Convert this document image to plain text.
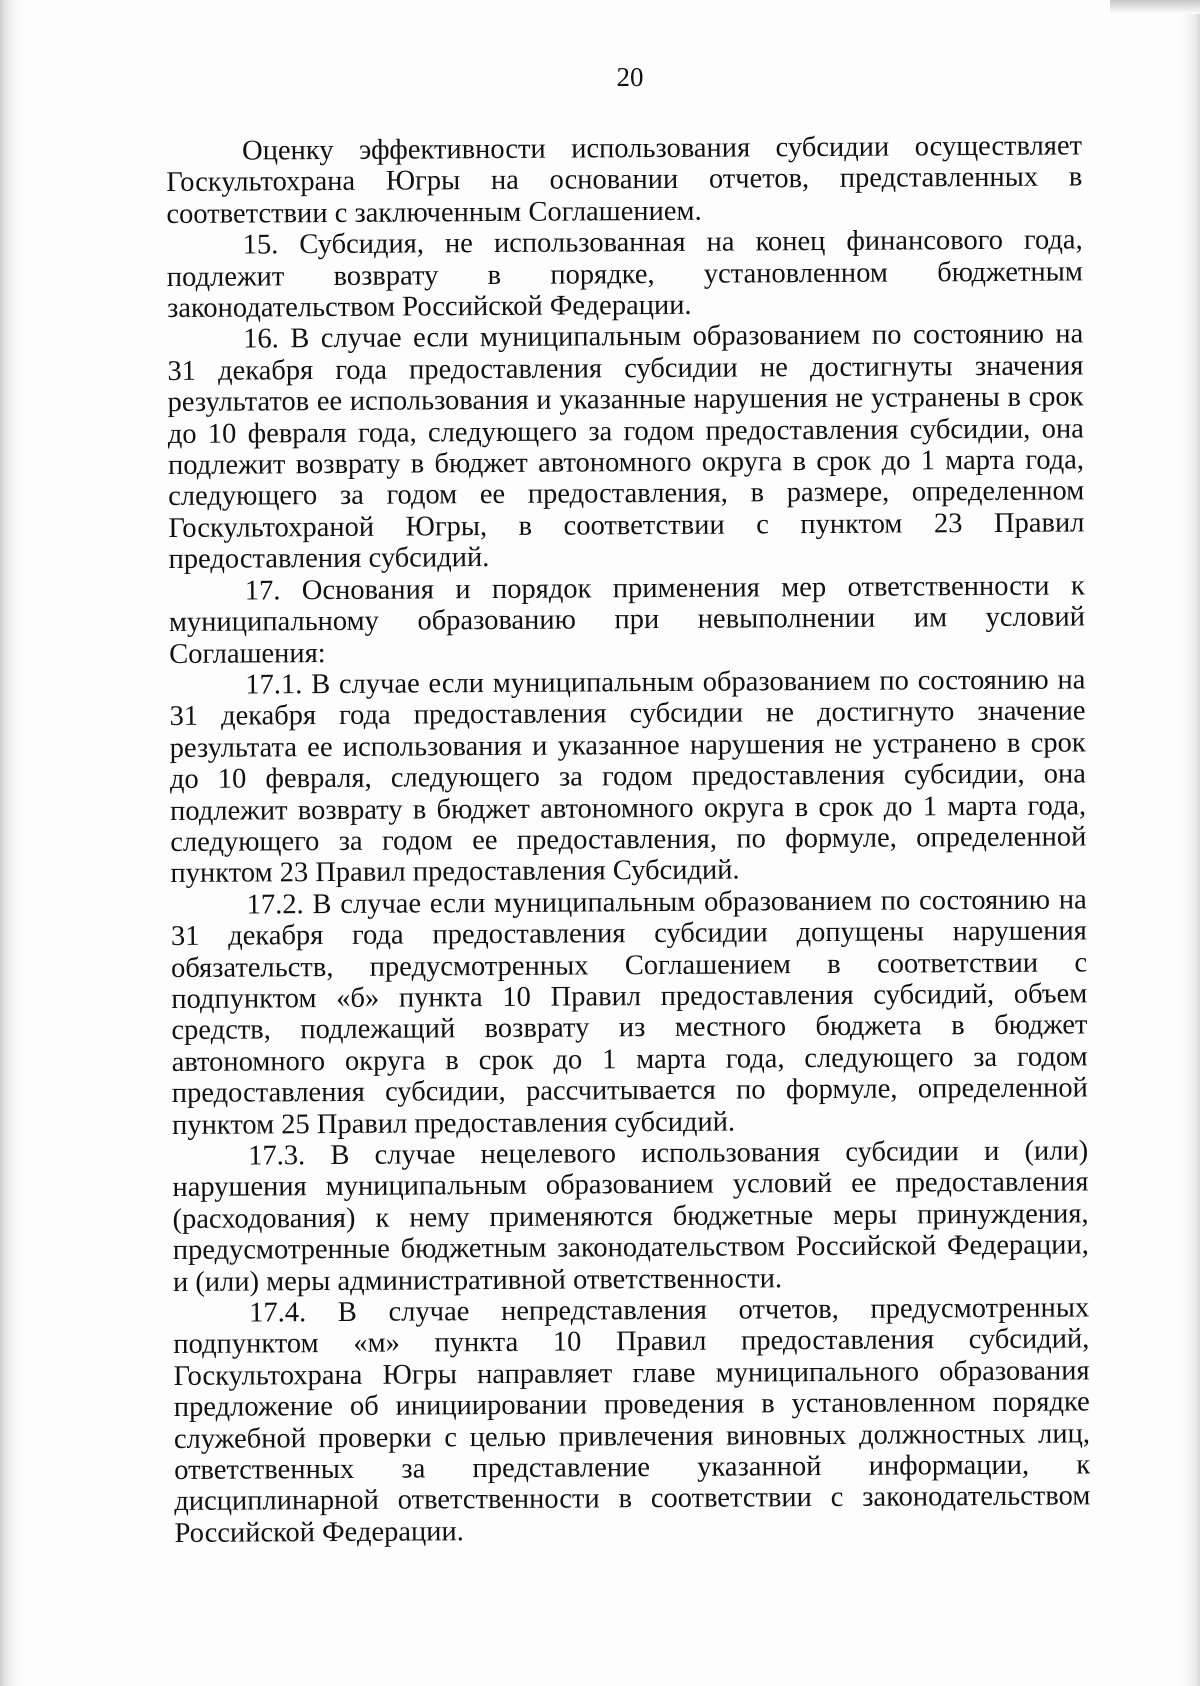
20

Оценку эффективности использования субсидии осуществляет Госкультохрана Югры на основании отчетов, представленных в соответствии с заключенным Соглашением.

15. Субсидия, не использованная на конец финансового года, подлежит возврату в порядке, установленном бюджетным законодательством Российской Федерации.

16. В случае если муниципальным образованием по состоянию на 31 декабря года предоставления субсидии не достигнуты значения результатов ее использования и указанные нарушения не устранены в срок до 10 февраля года, следующего за годом предоставления субсидии, она подлежит возврату в бюджет автономного округа в срок до 1 марта года, следующего за годом ее предоставления, в размере, определенном Госкультохраной Югры, в соответствии с пунктом 23 Правил предоставления субсидий.

17. Основания и порядок применения мер ответственности к муниципальному образованию при невыполнении им условий Соглашения:

17.1. В случае если муниципальным образованием по состоянию на 31 декабря года предоставления субсидии не достигнуто значение результата ее использования и указанное нарушения не устранено в срок до 10 февраля, следующего за годом предоставления субсидии, она подлежит возврату в бюджет автономного округа в срок до 1 марта года, следующего за годом ее предоставления, по формуле, определенной пунктом 23 Правил предоставления Субсидий.

17.2. В случае если муниципальным образованием по состоянию на 31 декабря года предоставления субсидии допущены нарушения обязательств, предусмотренных Соглашением в соответствии с подпунктом «б» пункта 10 Правил предоставления субсидий, объем средств, подлежащий возврату из местного бюджета в бюджет автономного округа в срок до 1 марта года, следующего за годом предоставления субсидии, рассчитывается по формуле, определенной пунктом 25 Правил предоставления субсидий.

17.3. В случае нецелевого использования субсидии и (или) нарушения муниципальным образованием условий ее предоставления (расходования) к нему применяются бюджетные меры принуждения, предусмотренные бюджетным законодательством Российской Федерации, и (или) меры административной ответственности.

17.4. В случае непредставления отчетов, предусмотренных подпунктом «м» пункта 10 Правил предоставления субсидий, Госкультохрана Югры направляет главе муниципального образования предложение об инициировании проведения в установленном порядке служебной проверки с целью привлечения виновных должностных лиц, ответственных за представление указанной информации, к дисциплинарной ответственности в соответствии с законодательством Российской Федерации.
